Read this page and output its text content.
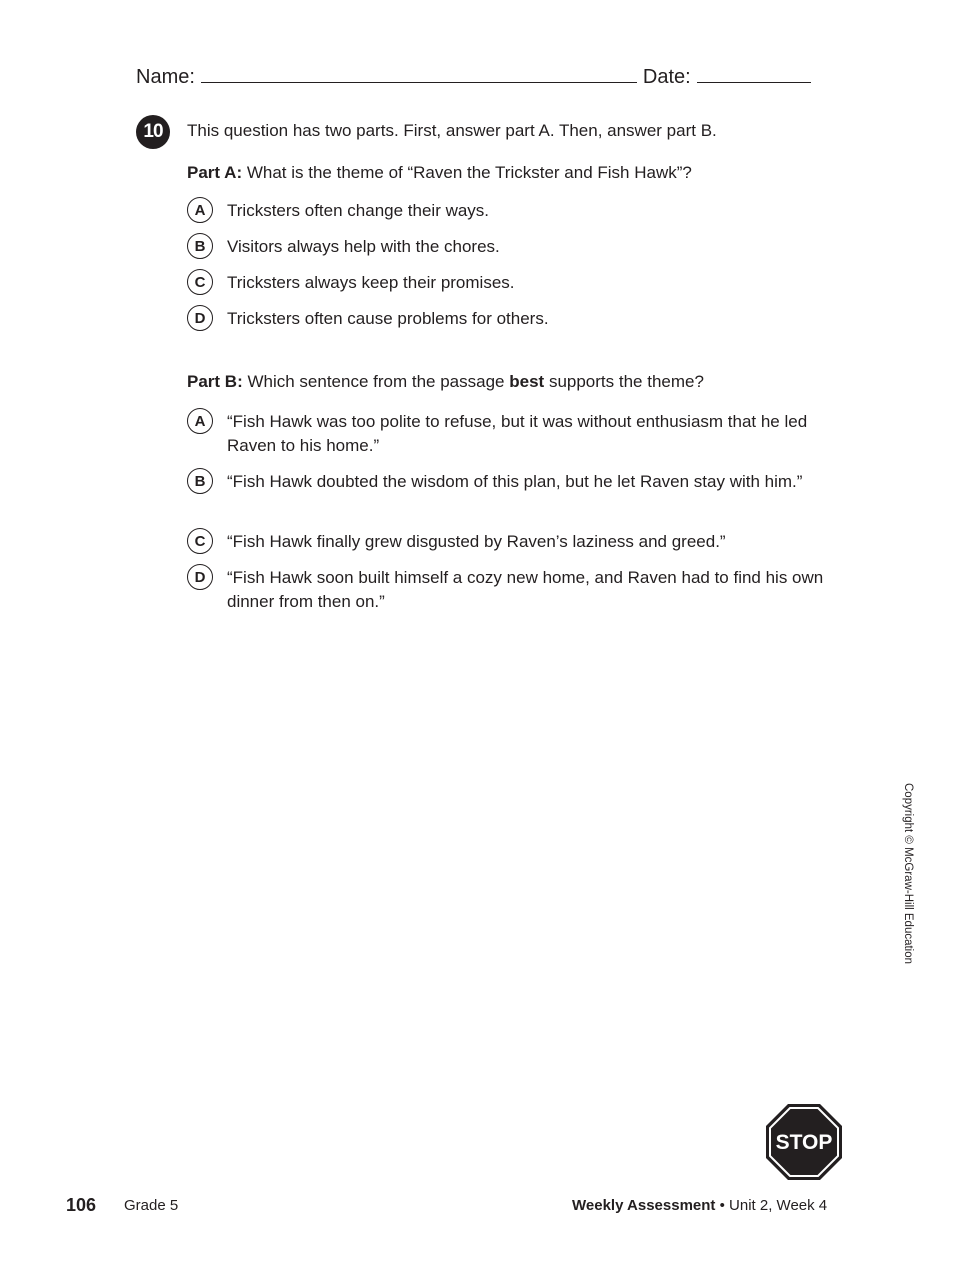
Name:	Date:
10	This question has two parts. First, answer part A. Then, answer part B.
Part A: What is the theme of “Raven the Trickster and Fish Hawk”?
A	Tricksters often change their ways.
B	Visitors always help with the chores.
C	Tricksters always keep their promises.
D	Tricksters often cause problems for others.
Part B: Which sentence from the passage best supports the theme?
A	“Fish Hawk was too polite to refuse, but it was without enthusiasm that he led Raven to his home.”
B	“Fish Hawk doubted the wisdom of this plan, but he let Raven stay with him.”
C	“Fish Hawk finally grew disgusted by Raven’s laziness and greed.”
D	“Fish Hawk soon built himself a cozy new home, and Raven had to find his own dinner from then on.”
Copyright © McGraw-Hill Education
STOP
106 Grade 5	Weekly Assessment • Unit 2, Week 4
